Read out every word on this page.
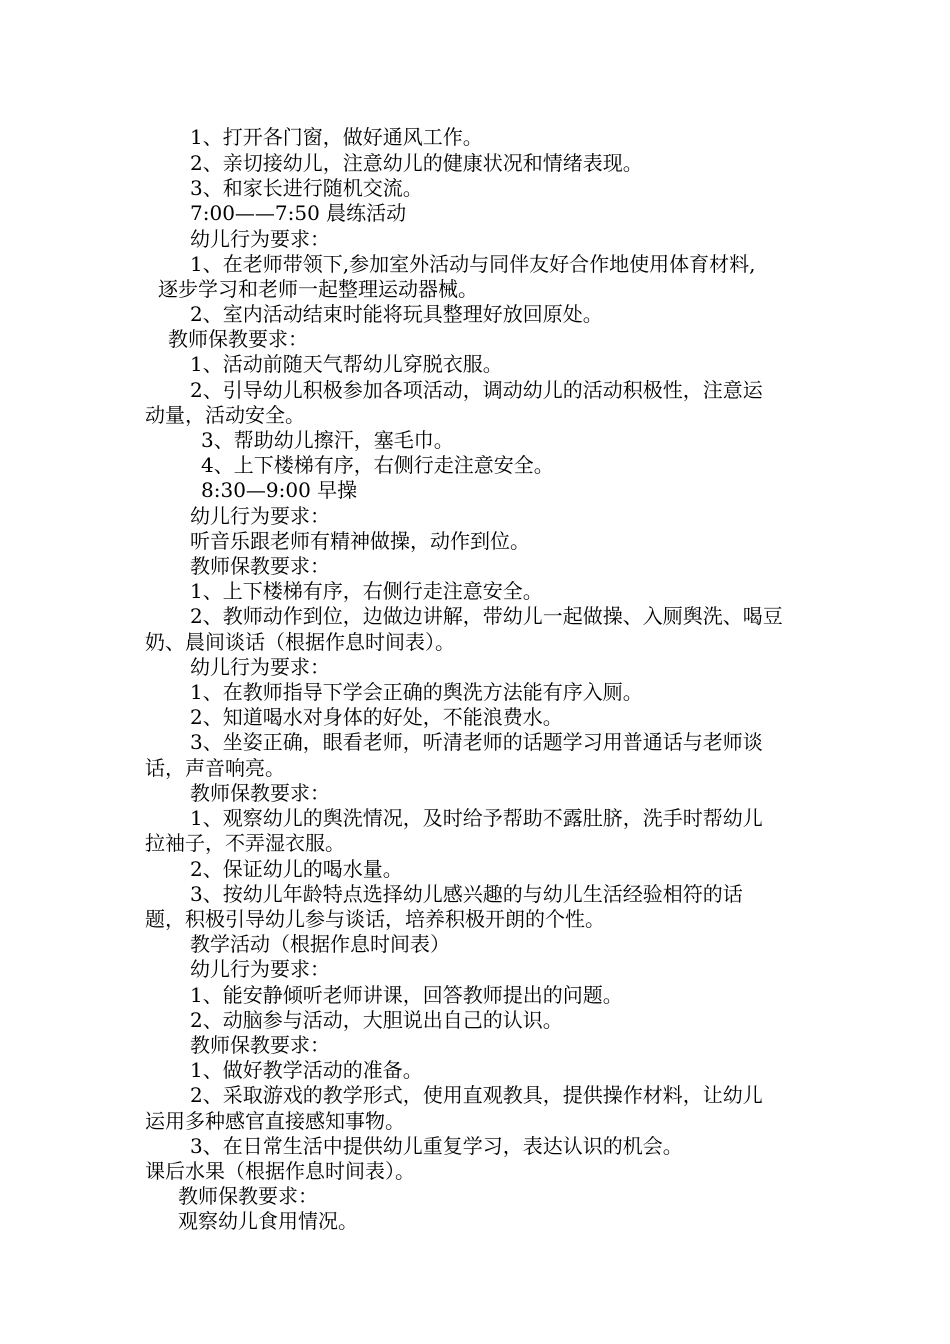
1、打开各门窗，做好通风工作。
2、亲切接幼儿，注意幼儿的健康状况和情绪表现。
3、和家长进行随机交流。
7:00——7:50 晨练活动
幼儿行为要求：
1、在老师带领下,参加室外活动与同伴友好合作地使用体育材料,
逐步学习和老师一起整理运动器械。
2、室内活动结束时能将玩具整理好放回原处。
教师保教要求：
1、活动前随天气帮幼儿穿脱衣服。
2、引导幼儿积极参加各项活动，调动幼儿的活动积极性，注意运
动量，活动安全。
3、帮助幼儿擦汗，塞毛巾。
4、上下楼梯有序，右侧行走注意安全。
8:30—9:00 早操
幼儿行为要求：
听音乐跟老师有精神做操，动作到位。
教师保教要求：
1、上下楼梯有序，右侧行走注意安全。
2、教师动作到位，边做边讲解，带幼儿一起做操、入厕舆洗、喝豆
奶、晨间谈话（根据作息时间表）。
幼儿行为要求：
1、在教师指导下学会正确的舆洗方法能有序入厕。
2、知道喝水对身体的好处，不能浪费水。
3、坐姿正确，眼看老师，听清老师的话题学习用普通话与老师谈
话，声音响亮。
教师保教要求：
1、观察幼儿的舆洗情况，及时给予帮助不露肚脐，洗手时帮幼儿
拉袖子，不弄湿衣服。
2、保证幼儿的喝水量。
3、按幼儿年龄特点选择幼儿感兴趣的与幼儿生活经验相符的话
题，积极引导幼儿参与谈话，培养积极开朗的个性。
教学活动（根据作息时间表）
幼儿行为要求：
1、能安静倾听老师讲课，回答教师提出的问题。
2、动脑参与活动，大胆说出自己的认识。
教师保教要求：
1、做好教学活动的准备。
2、采取游戏的教学形式，使用直观教具，提供操作材料，让幼儿
运用多种感官直接感知事物。
3、在日常生活中提供幼儿重复学习，表达认识的机会。
课后水果（根据作息时间表）。
教师保教要求：
观察幼儿食用情况。
